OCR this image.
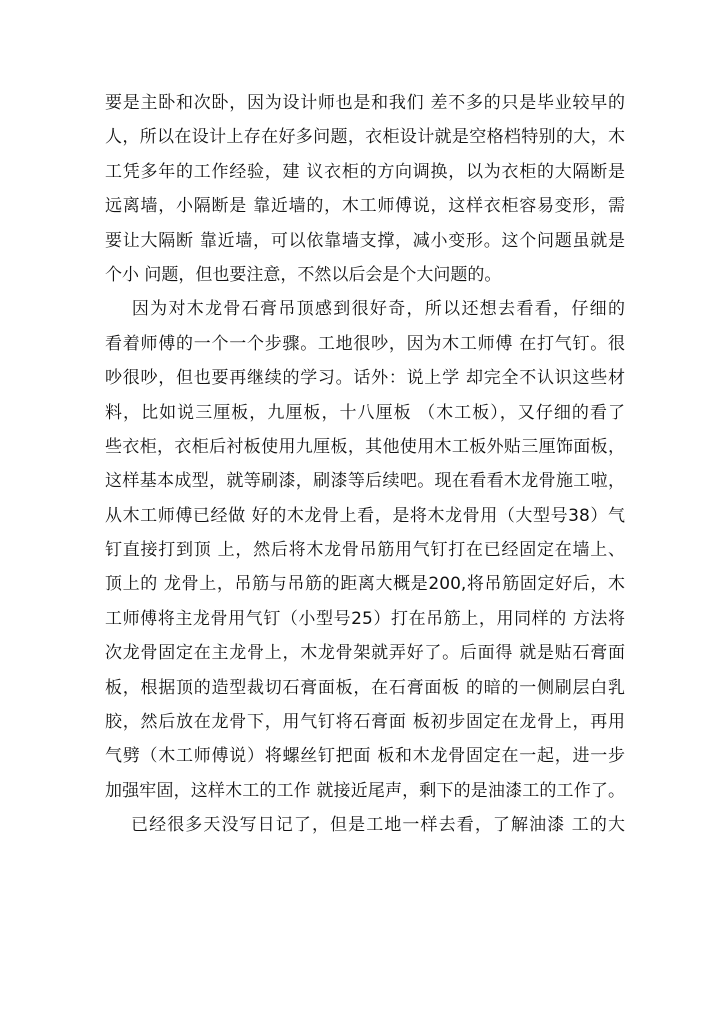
要是主卧和次卧，因为设计师也是和我们 差不多的只是毕业较早的
人，所以在设计上存在好多问题，衣柜设计就是空格档特别的大，木
工凭多年的工作经验，建 议衣柜的方向调换，以为衣柜的大隔断是
远离墙，小隔断是 靠近墙的，木工师傅说，这样衣柜容易变形，需
要让大隔断 靠近墙，可以依靠墙支撑，减小变形。这个问题虽就是
个小 问题，但也要注意，不然以后会是个大问题的。
因为对木龙骨石膏吊顶感到很好奇，所以还想去看看，仔细的
看着师傅的一个一个步骤。工地很吵，因为木工师傅 在打气钉。很
吵很吵，但也要再继续的学习。话外：说上学 却完全不认识这些材
料，比如说三厘板，九厘板，十八厘板 （木工板），又仔细的看了
些衣柜，衣柜后衬板使用九厘板，其他使用木工板外贴三厘饰面板，
这样基本成型，就等刷漆，刷漆等后续吧。现在看看木龙骨施工啦，
从木工师傅已经做 好的木龙骨上看，是将木龙骨用（大型号38）气
钉直接打到顶 上，然后将木龙骨吊筋用气钉打在已经固定在墙上、
顶上的 龙骨上，吊筋与吊筋的距离大概是200,将吊筋固定好后，木
工师傅将主龙骨用气钉（小型号25）打在吊筋上，用同样的 方法将
次龙骨固定在主龙骨上，木龙骨架就弄好了。后面得 就是贴石膏面
板，根据顶的造型裁切石膏面板，在石膏面板 的暗的一侧刷层白乳
胶，然后放在龙骨下，用气钉将石膏面 板初步固定在龙骨上，再用
气劈（木工师傅说）将螺丝钉把面 板和木龙骨固定在一起，进一步
加强牢固，这样木工的工作 就接近尾声，剩下的是油漆工的工作了。
已经很多天没写日记了，但是工地一样去看，了解油漆 工的大
